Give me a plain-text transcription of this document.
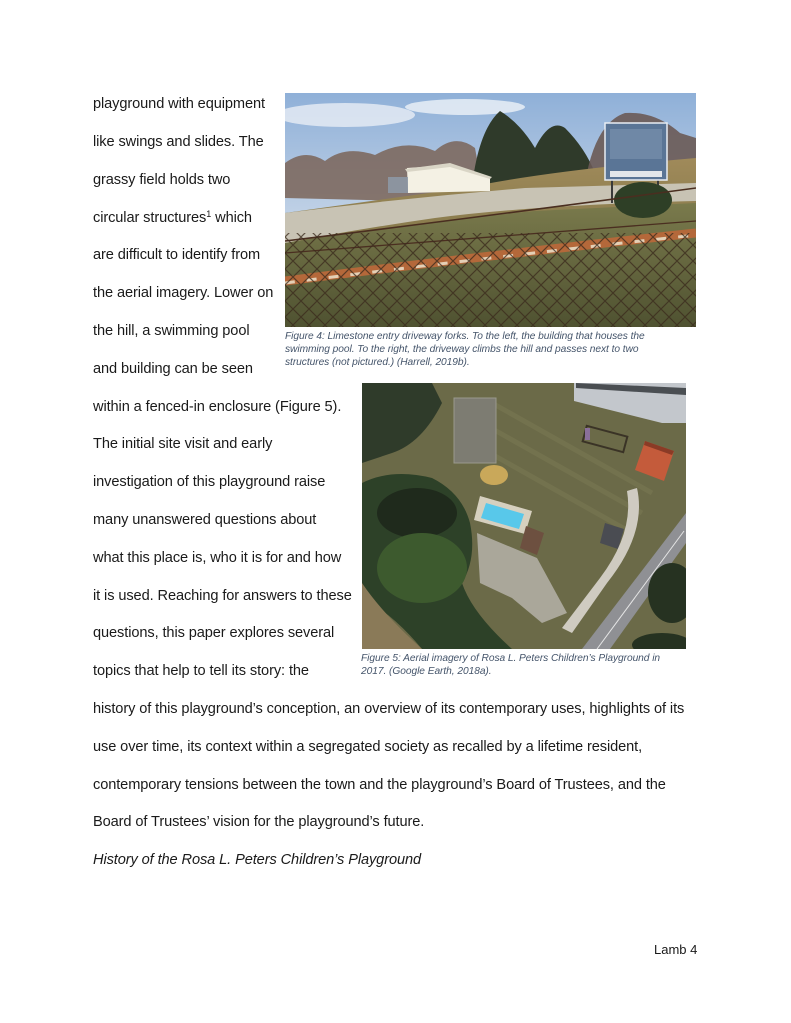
playground with equipment
like swings and slides. The
grassy field holds two
circular structures$^1$ which
are difficult to identify from
the aerial imagery. Lower on
the hill, a swimming pool
and building can be seen
within a fenced-in enclosure (Figure 5).
The initial site visit and early
investigation of this playground raise
many unanswered questions about
what this place is, who it is for and how
it is used. Reaching for answers to these
questions, this paper explores several
topics that help to tell its story: the
history of this playground’s conception, an overview of its contemporary uses, highlights of its
use over time, its context within a segregated society as recalled by a lifetime resident,
contemporary tensions between the town and the playground’s Board of Trustees, and the
Board of Trustees’ vision for the playground’s future.
History of the Rosa L. Peters Children’s Playground
Figure 4: Limestone entry driveway forks. To the left, the building that houses the
swimming pool. To the right, the driveway climbs the hill and passes next to two
structures (not pictured.) (Harrell, 2019b).
Figure 5: Aerial imagery of Rosa L. Peters Children’s Playground in
2017. (Google Earth, 2018a).
Lamb 4
